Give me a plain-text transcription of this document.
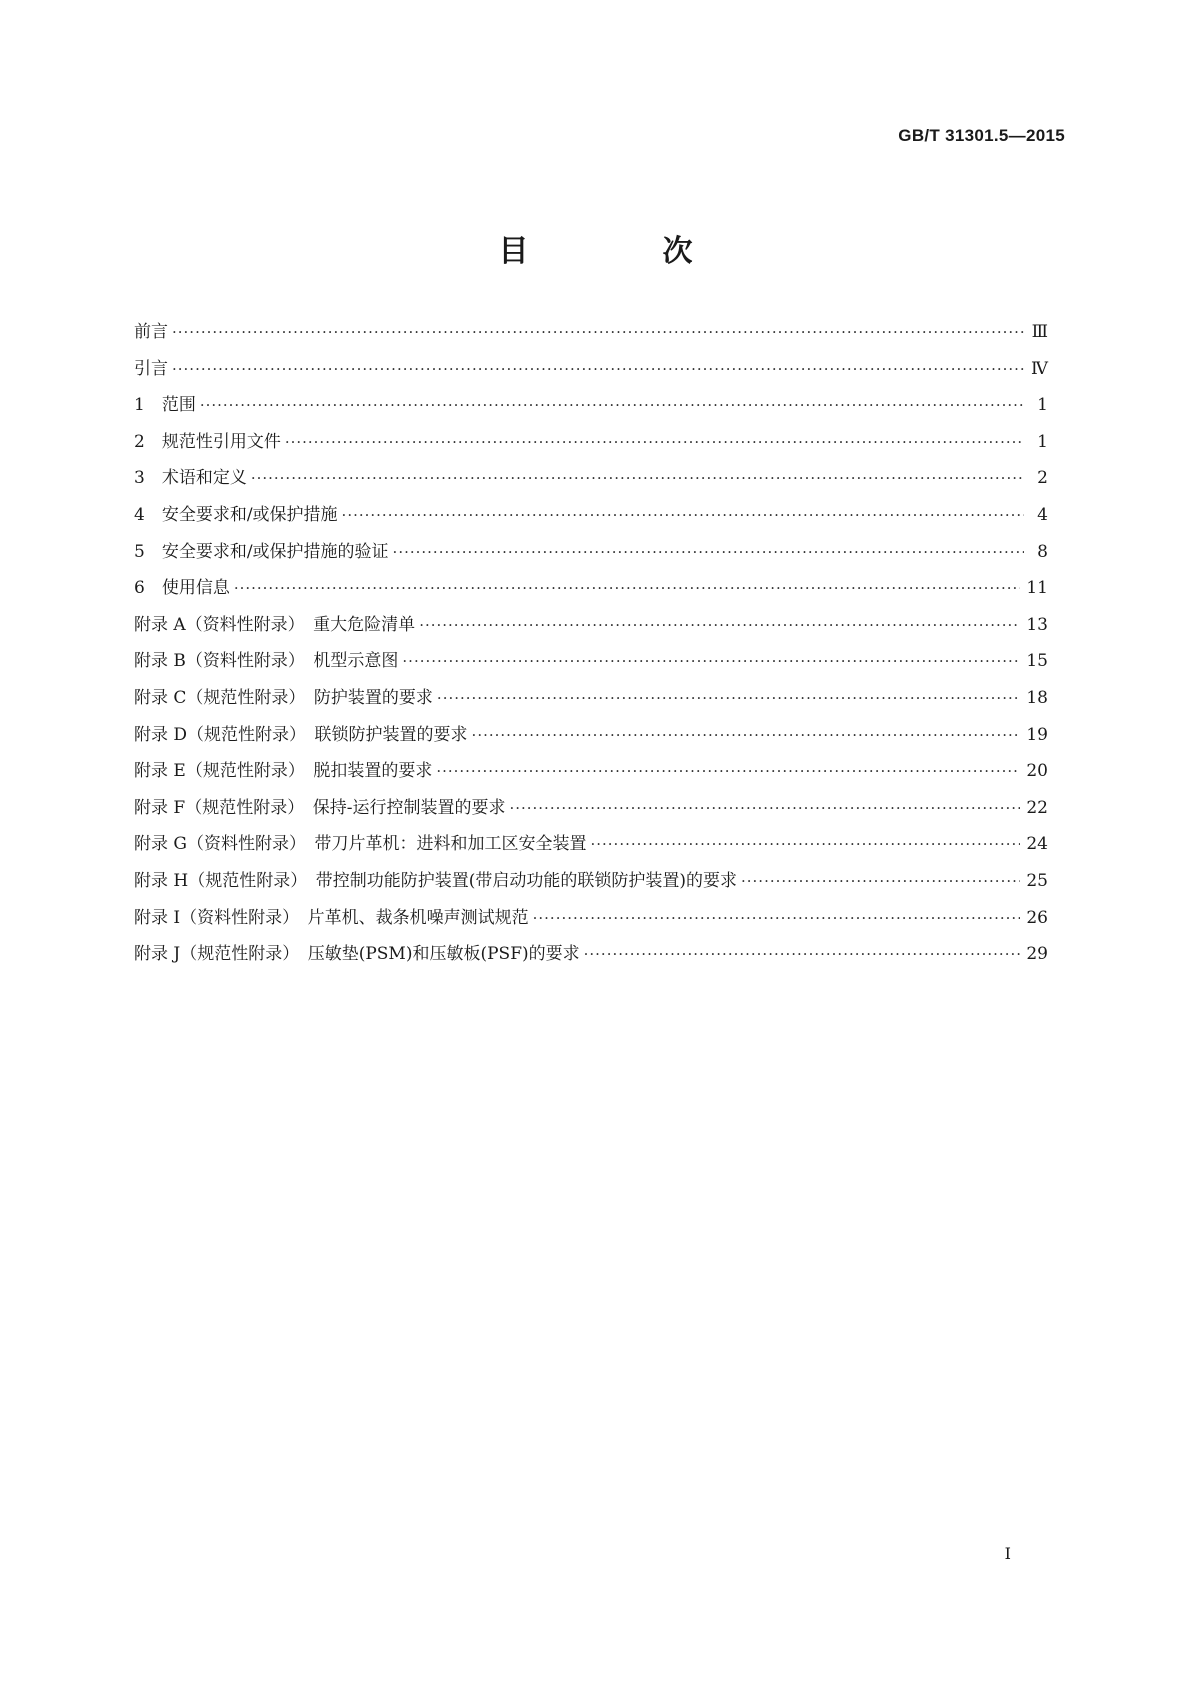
GB/T 31301.5—2015
目　次
前言 ·····	Ⅲ
引言 ·····	Ⅳ
1　范围 ·····	1
2　规范性引用文件 ·····	1
3　术语和定义 ·····	2
4　安全要求和/或保护措施 ·····	4
5　安全要求和/或保护措施的验证 ·····	8
6　使用信息 ·····	11
附录 A（资料性附录）　重大危险清单 ·····	13
附录 B（资料性附录）　机型示意图 ·····	15
附录 C（规范性附录）　防护装置的要求 ·····	18
附录 D（规范性附录）　联锁防护装置的要求 ·····	19
附录 E（规范性附录）　脱扣装置的要求 ·····	20
附录 F（规范性附录）　保持-运行控制装置的要求 ·····	22
附录 G（资料性附录）　带刀片革机：进料和加工区安全装置 ·····	24
附录 H（规范性附录）　带控制功能防护装置(带启动功能的联锁防护装置)的要求 ·····	25
附录 I（资料性附录）　片革机、裁条机噪声测试规范 ·····	26
附录 J（规范性附录）　压敏垫(PSM)和压敏板(PSF)的要求 ·····	29
Ⅰ
